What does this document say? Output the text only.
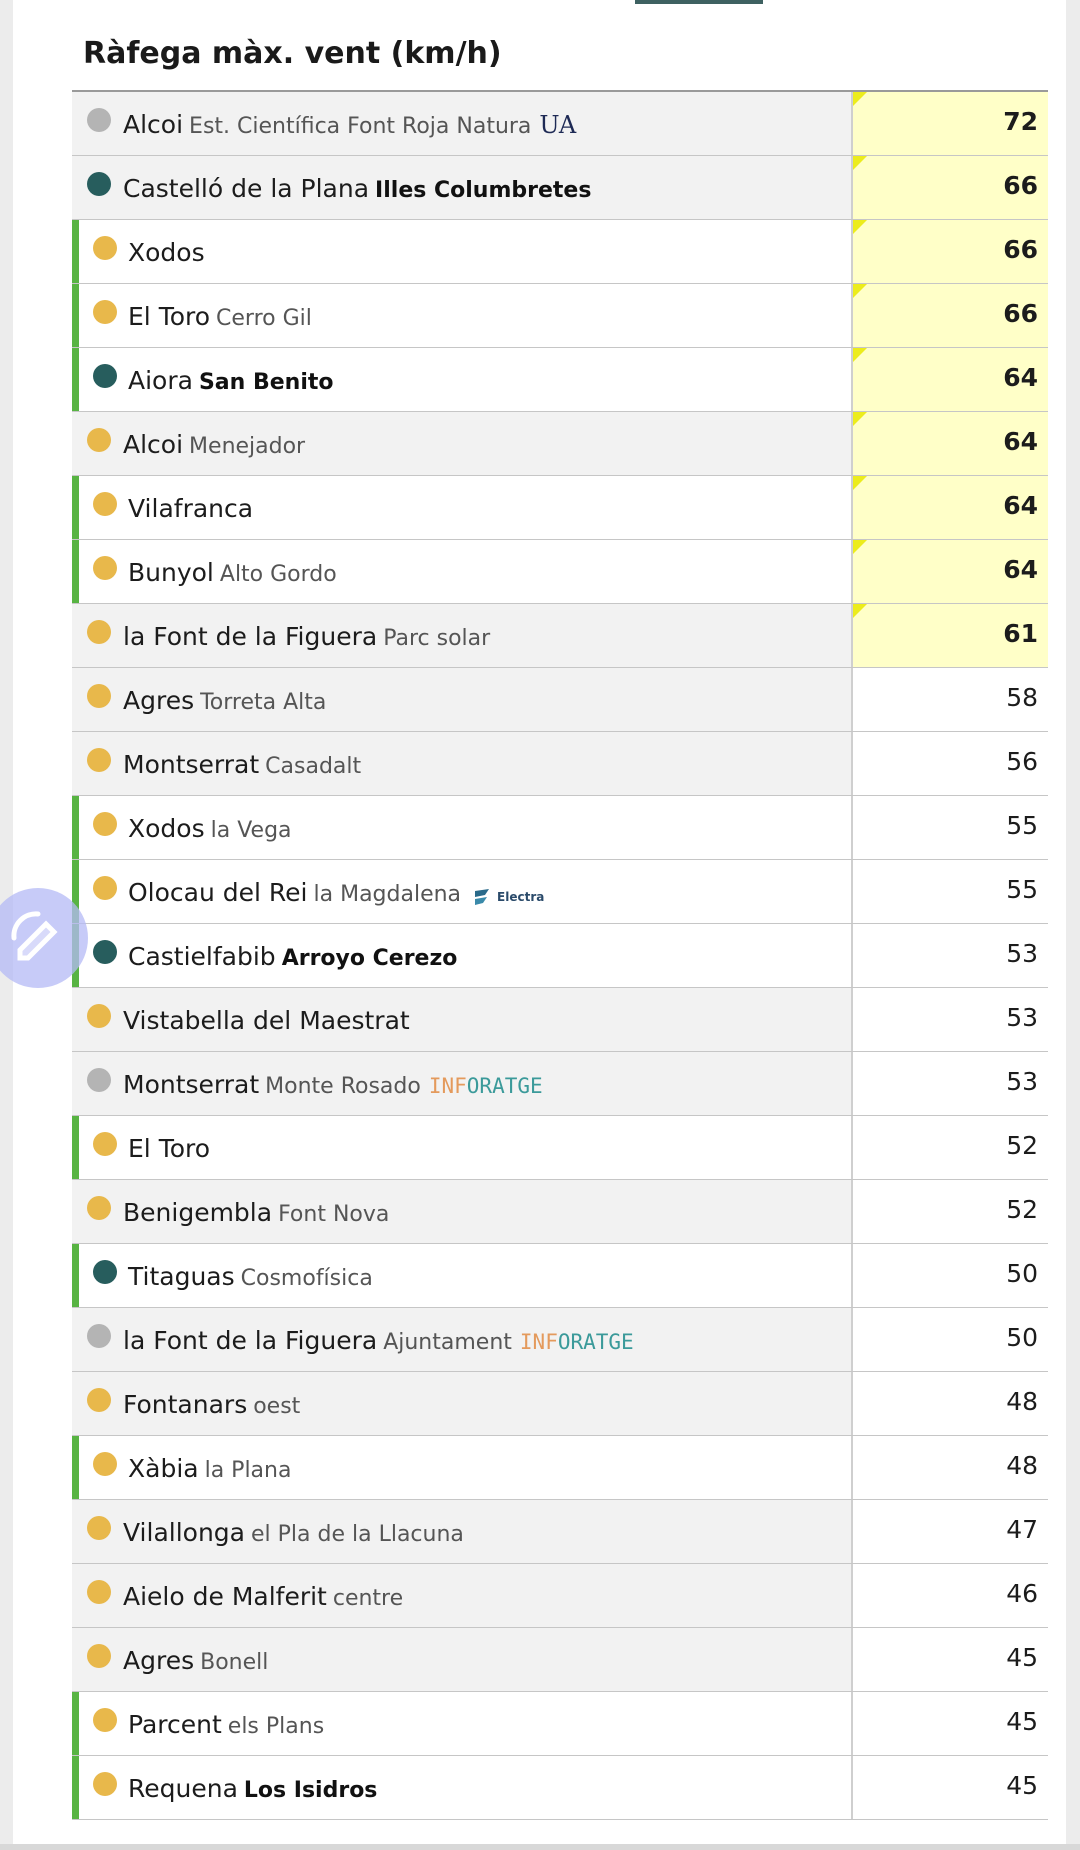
Ràfega màx. vent (km/h)
Alcoi Est. Científica Font Roja Natura UA	72
Castelló de la Plana Illes Columbretes	66
Xodos	66
El Toro Cerro Gil	66
Aiora San Benito	64
Alcoi Menejador	64
Vilafranca	64
Bunyol Alto Gordo	64
la Font de la Figuera Parc solar	61
Agres Torreta Alta	58
Montserrat Casadalt	56
Xodos la Vega	55
Olocau del Rei la Magdalena	Electra	55
Castielfabib Arroyo Cerezo	53
Vistabella del Maestrat	53
Montserrat Monte Rosado INFORATGE	53
El Toro	52
Benigembla Font Nova	52
Titaguas Cosmofísica	50
la Font de la Figuera Ajuntament INFORATGE	50
Fontanars oest	48
Xàbia la Plana	48
Vilallonga el Pla de la Llacuna	47
Aielo de Malferit centre	46
Agres Bonell	45
Parcent els Plans	45
Requena Los Isidros	45
